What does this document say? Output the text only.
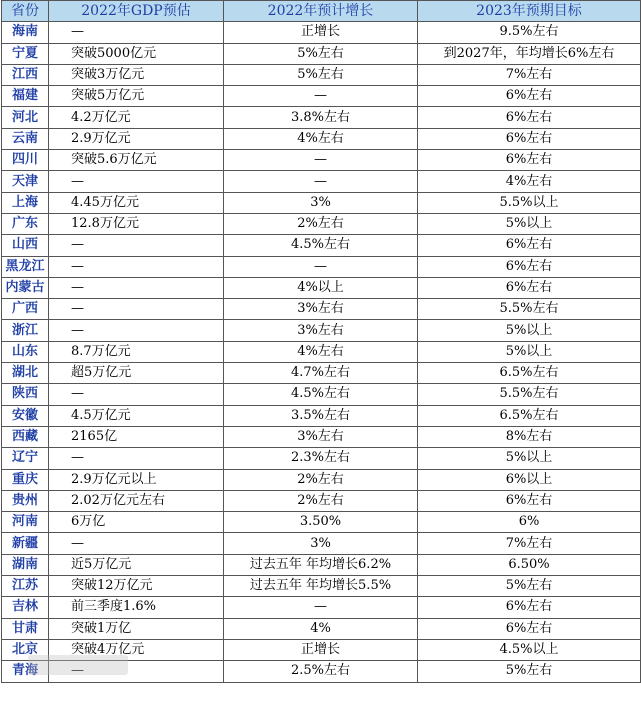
省份	2022年GDP预估	2022年预计增长	2023年预期目标
海南	—	正增长	9.5%左右
宁夏	突破5000亿元	5%左右	到2027年，年均增长6%左右
江西	突破3万亿元	5%左右	7%左右
福建	突破5万亿元	—	6%左右
河北	4.2万亿元	3.8%左右	6%左右
云南	2.9万亿元	4%左右	6%左右
四川	突破5.6万亿元	—	6%左右
天津	—	—	4%左右
上海	4.45万亿元	3%	5.5%以上
广东	12.8万亿元	2%左右	5%以上
山西	—	4.5%左右	6%左右
黑龙江	—	—	6%左右
内蒙古	—	4%以上	6%左右
广西	—	3%左右	5.5%左右
浙江	—	3%左右	5%以上
山东	8.7万亿元	4%左右	5%以上
湖北	超5万亿元	4.7%左右	6.5%左右
陕西	—	4.5%左右	5.5%左右
安徽	4.5万亿元	3.5%左右	6.5%左右
西藏	2165亿	3%左右	8%左右
辽宁	—	2.3%左右	5%以上
重庆	2.9万亿元以上	2%左右	6%以上
贵州	2.02万亿元左右	2%左右	6%左右
河南	6万亿	3.50%	6%
新疆	—	3%	7%左右
湖南	近5万亿元	过去五年 年均增长6.2%	6.50%
江苏	突破12万亿元	过去五年 年均增长5.5%	5%左右
吉林	前三季度1.6%	—	6%左右
甘肃	突破1万亿	4%	6%左右
北京	突破4万亿元	正增长	4.5%以上
青海	—	2.5%左右	5%左右
